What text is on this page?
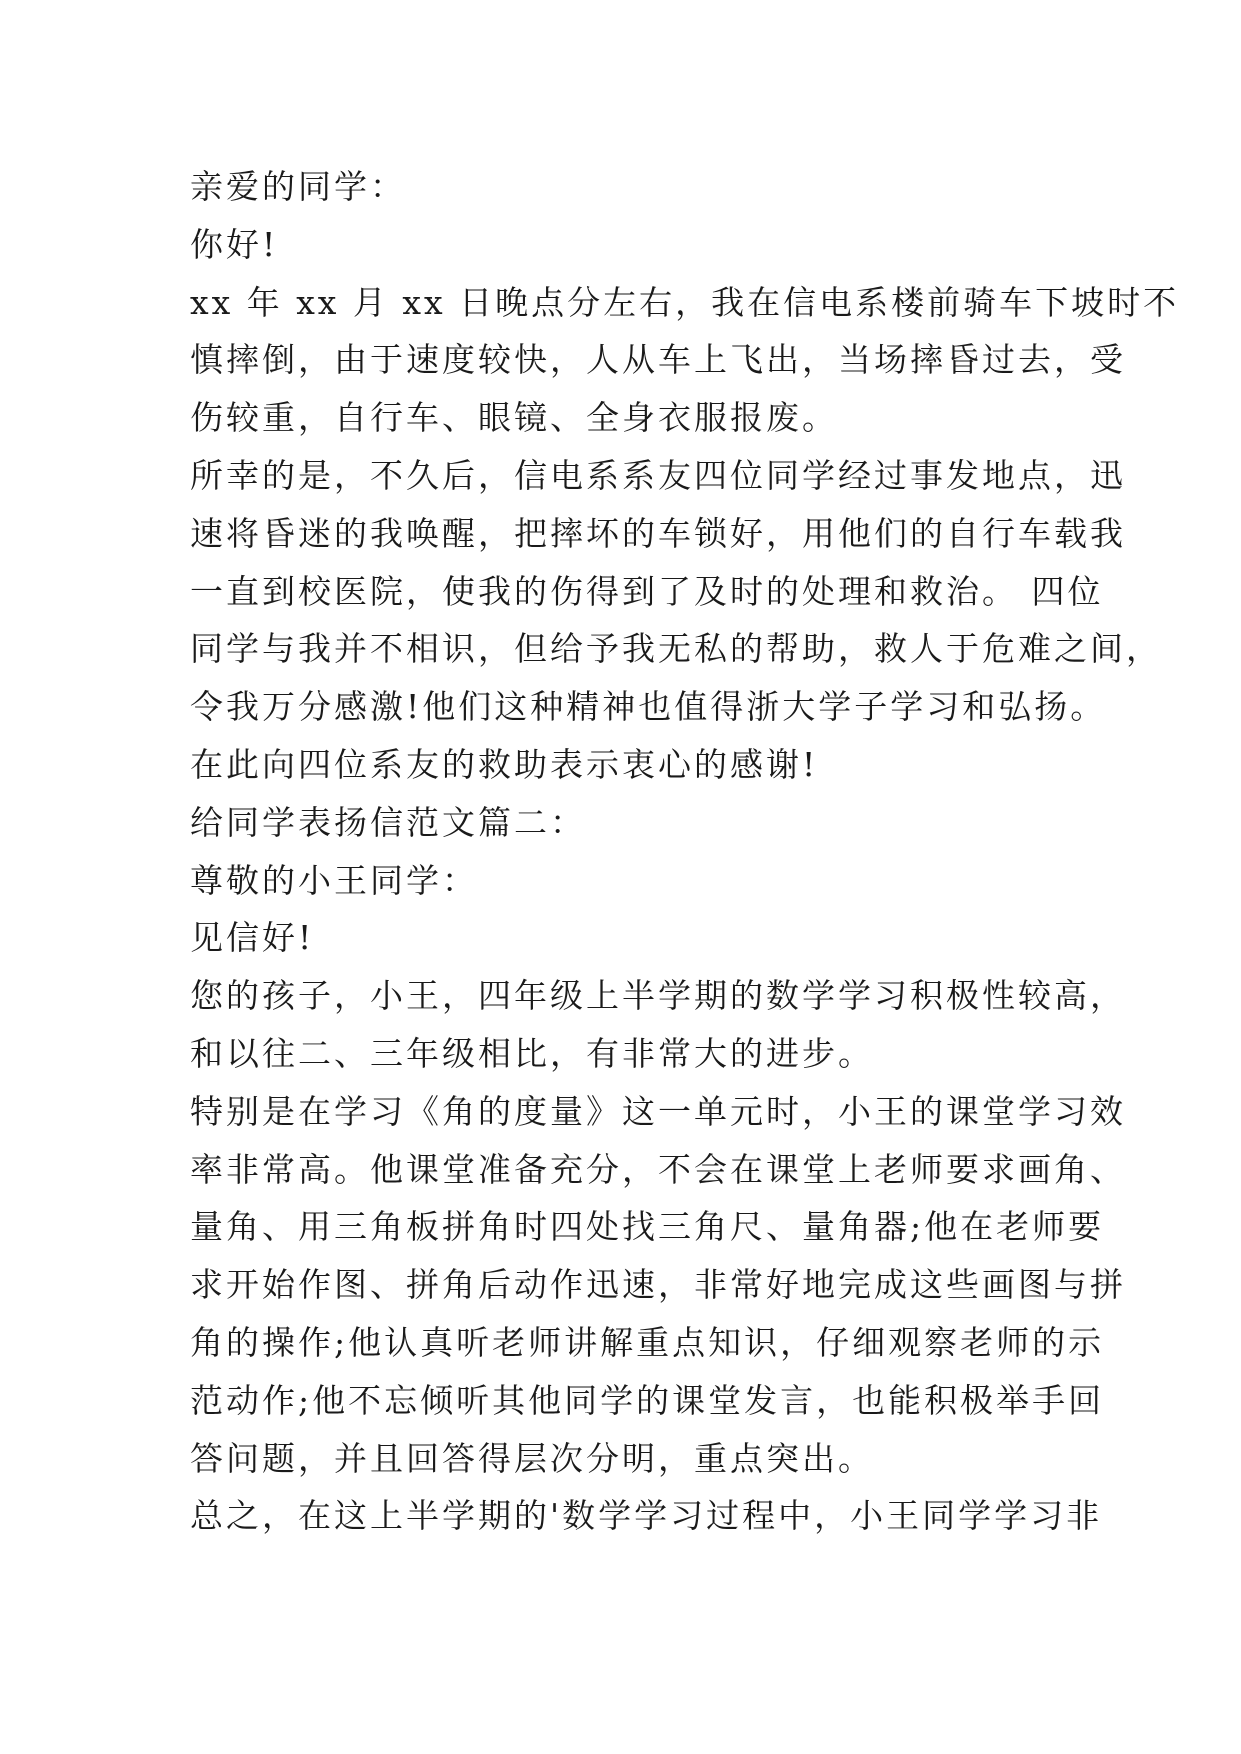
亲爱的同学：
你好!
xx 年 xx 月 xx 日晚点分左右，我在信电系楼前骑车下坡时不
慎摔倒，由于速度较快，人从车上飞出，当场摔昏过去，受
伤较重，自行车、眼镜、全身衣服报废。
所幸的是，不久后，信电系系友四位同学经过事发地点，迅
速将昏迷的我唤醒，把摔坏的车锁好，用他们的自行车载我
一直到校医院，使我的伤得到了及时的处理和救治。 四位
同学与我并不相识，但给予我无私的帮助，救人于危难之间，
令我万分感激!他们这种精神也值得浙大学子学习和弘扬。
在此向四位系友的救助表示衷心的感谢!
给同学表扬信范文篇二：
尊敬的小王同学：
见信好!
您的孩子，小王，四年级上半学期的数学学习积极性较高，
和以往二、三年级相比，有非常大的进步。
特别是在学习《角的度量》这一单元时，小王的课堂学习效
率非常高。他课堂准备充分，不会在课堂上老师要求画角、
量角、用三角板拼角时四处找三角尺、量角器;他在老师要
求开始作图、拼角后动作迅速，非常好地完成这些画图与拼
角的操作;他认真听老师讲解重点知识，仔细观察老师的示
范动作;他不忘倾听其他同学的课堂发言，也能积极举手回
答问题，并且回答得层次分明，重点突出。
总之，在这上半学期的'数学学习过程中，小王同学学习非
